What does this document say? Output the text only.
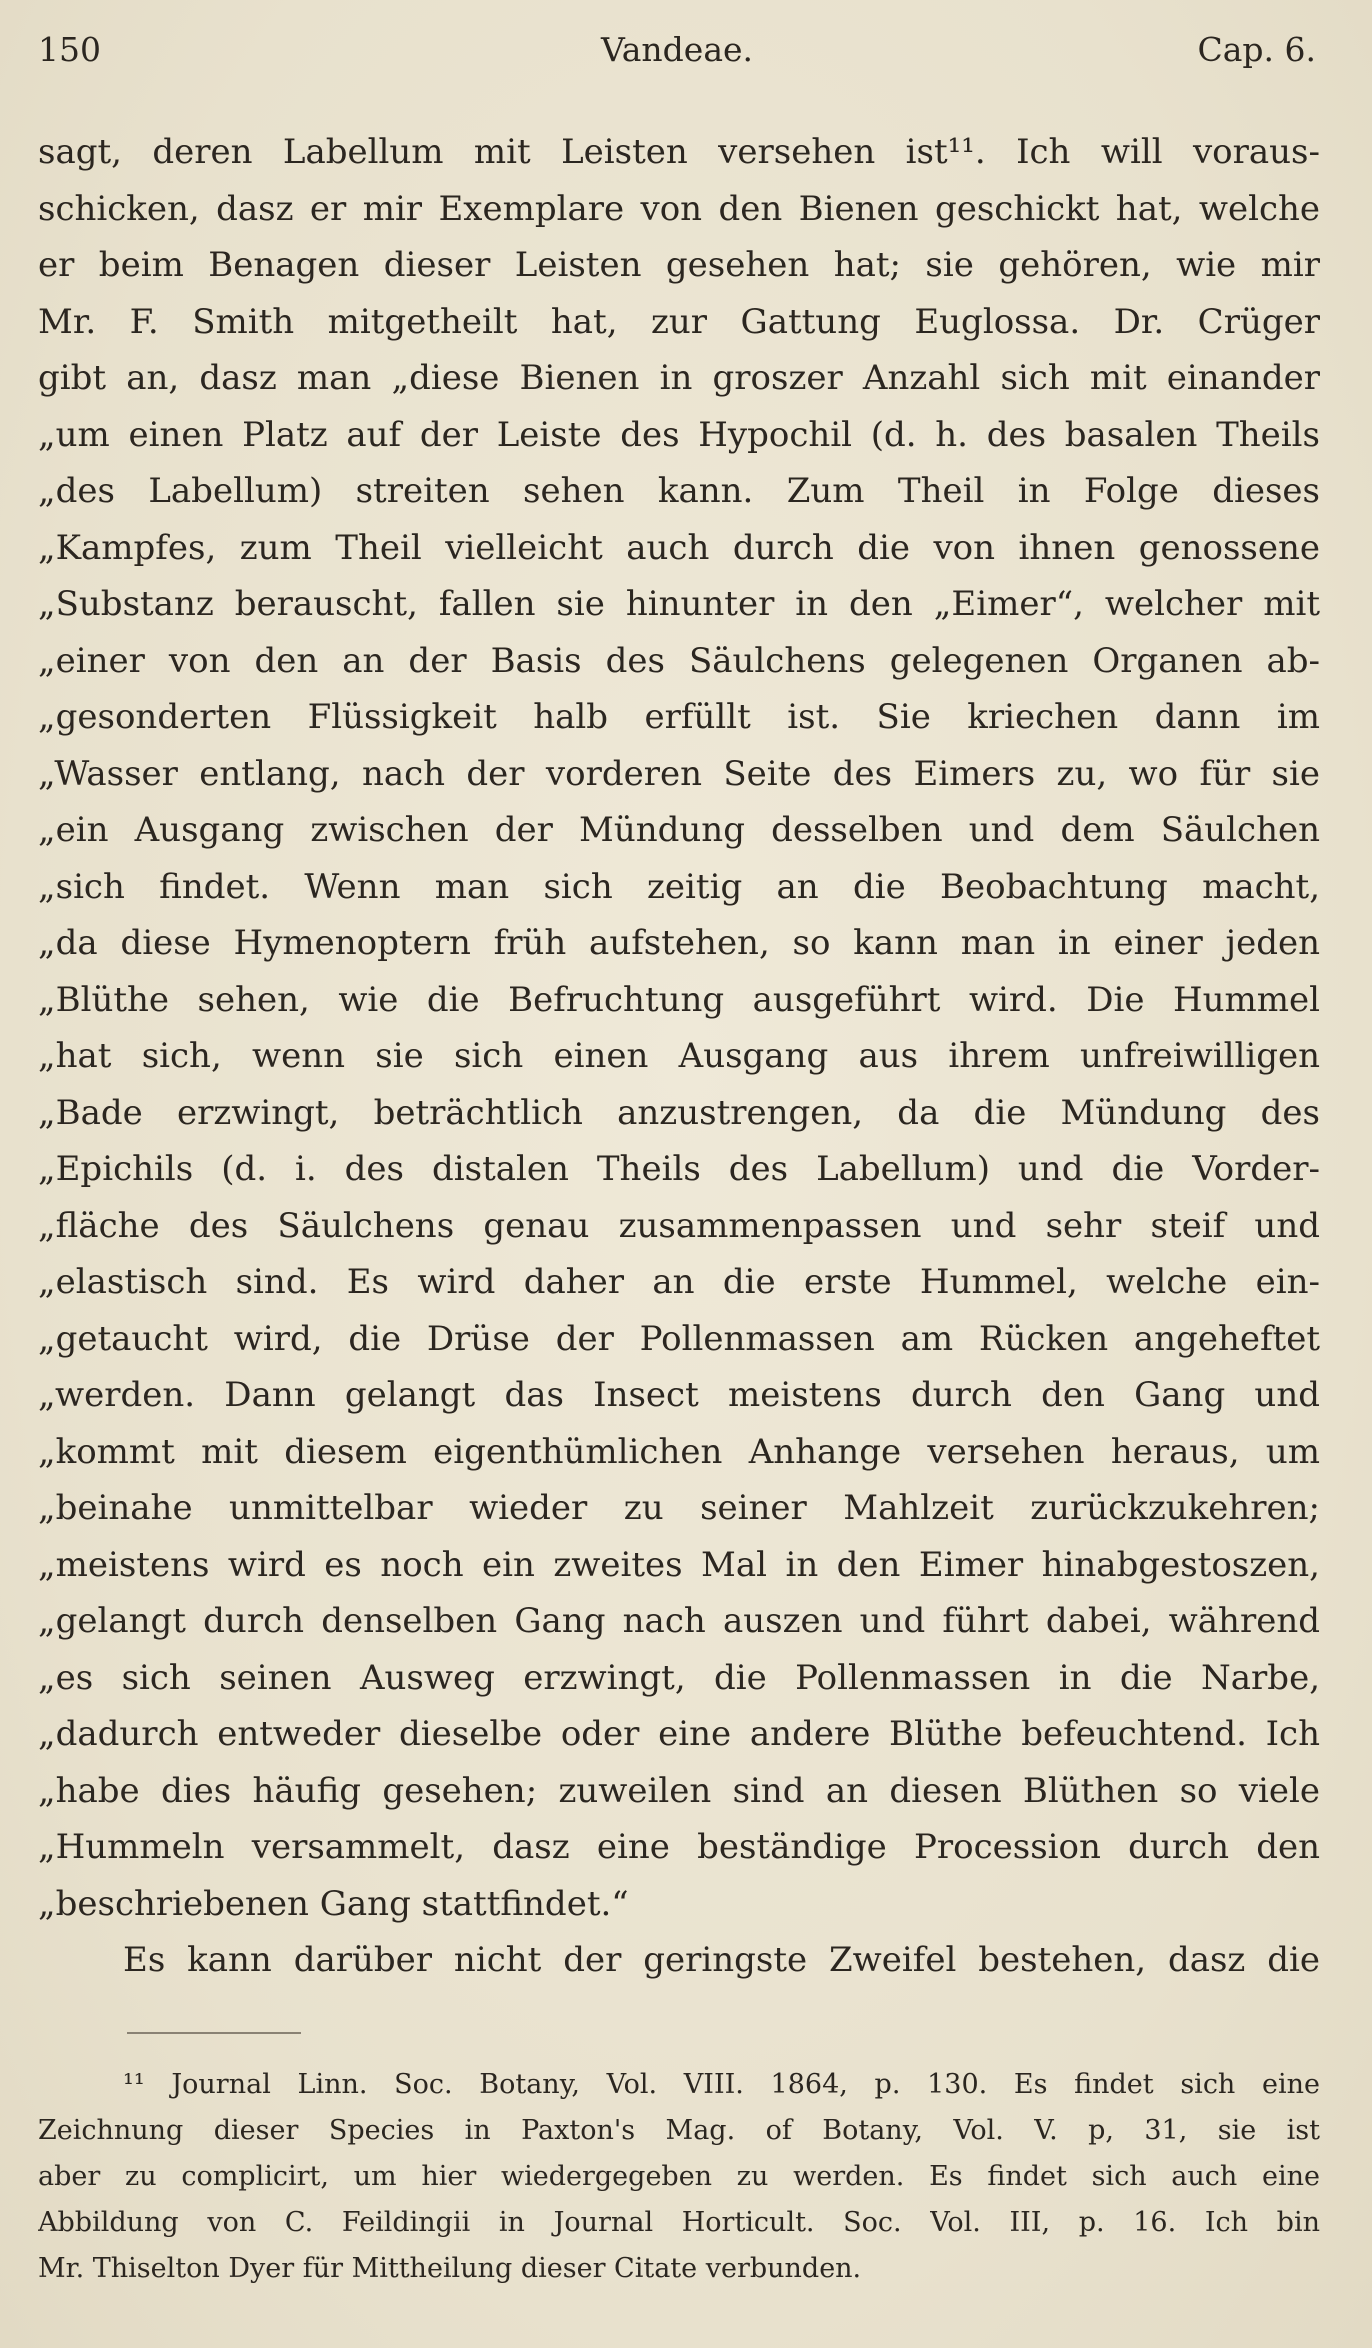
150	Vandeae.	Cap. 6.
sagt, deren Labellum mit Leisten versehen ist¹¹. Ich will voraus-
schicken, dasz er mir Exemplare von den Bienen geschickt hat, welche
er beim Benagen dieser Leisten gesehen hat; sie gehören, wie mir
Mr. F. Smith mitgetheilt hat, zur Gattung Euglossa. Dr. Crüger
gibt an, dasz man „diese Bienen in groszer Anzahl sich mit einander
„um einen Platz auf der Leiste des Hypochil (d. h. des basalen Theils
„des Labellum) streiten sehen kann. Zum Theil in Folge dieses
„Kampfes, zum Theil vielleicht auch durch die von ihnen genossene
„Substanz berauscht, fallen sie hinunter in den „Eimer“, welcher mit
„einer von den an der Basis des Säulchens gelegenen Organen ab-
„gesonderten Flüssigkeit halb erfüllt ist. Sie kriechen dann im
„Wasser entlang, nach der vorderen Seite des Eimers zu, wo für sie
„ein Ausgang zwischen der Mündung desselben und dem Säulchen
„sich findet. Wenn man sich zeitig an die Beobachtung macht,
„da diese Hymenoptern früh aufstehen, so kann man in einer jeden
„Blüthe sehen, wie die Befruchtung ausgeführt wird. Die Hummel
„hat sich, wenn sie sich einen Ausgang aus ihrem unfreiwilligen
„Bade erzwingt, beträchtlich anzustrengen, da die Mündung des
„Epichils (d. i. des distalen Theils des Labellum) und die Vorder-
„fläche des Säulchens genau zusammenpassen und sehr steif und
„elastisch sind. Es wird daher an die erste Hummel, welche ein-
„getaucht wird, die Drüse der Pollenmassen am Rücken angeheftet
„werden. Dann gelangt das Insect meistens durch den Gang und
„kommt mit diesem eigenthümlichen Anhange versehen heraus, um
„beinahe unmittelbar wieder zu seiner Mahlzeit zurückzukehren;
„meistens wird es noch ein zweites Mal in den Eimer hinabgestoszen,
„gelangt durch denselben Gang nach auszen und führt dabei, während
„es sich seinen Ausweg erzwingt, die Pollenmassen in die Narbe,
„dadurch entweder dieselbe oder eine andere Blüthe befeuchtend. Ich
„habe dies häufig gesehen; zuweilen sind an diesen Blüthen so viele
„Hummeln versammelt, dasz eine beständige Procession durch den
„beschriebenen Gang stattfindet.“
Es kann darüber nicht der geringste Zweifel bestehen, dasz die
¹¹ Journal Linn. Soc. Botany, Vol. VIII. 1864, p. 130. Es findet sich eine
Zeichnung dieser Species in Paxton's Mag. of Botany, Vol. V. p, 31, sie ist
aber zu complicirt, um hier wiedergegeben zu werden. Es findet sich auch eine
Abbildung von C. Feildingii in Journal Horticult. Soc. Vol. III, p. 16. Ich bin
Mr. Thiselton Dyer für Mittheilung dieser Citate verbunden.
